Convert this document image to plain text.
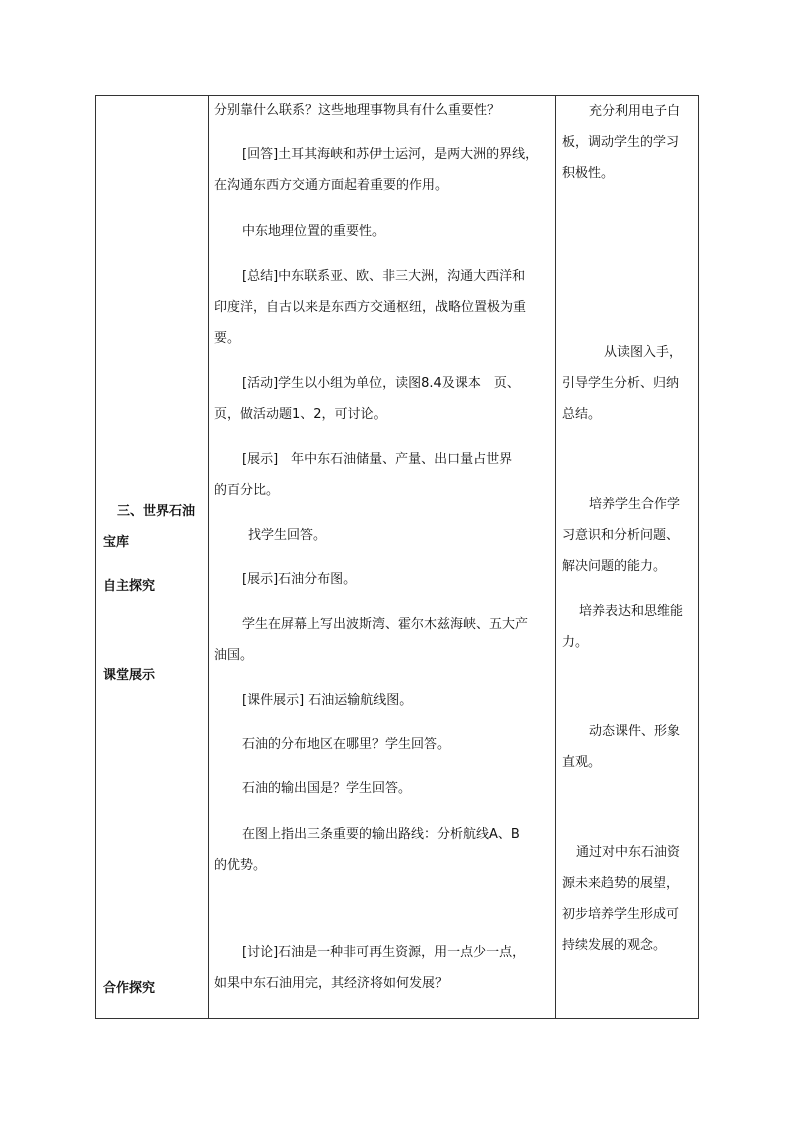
三、世界石油
宝库
自主探究
课堂展示
合作探究
分别靠什么联系？这些地理事物具有什么重要性？
[回答]土耳其海峡和苏伊士运河，是两大洲的界线，
在沟通东西方交通方面起着重要的作用。
中东地理位置的重要性。
[总结]中东联系亚、欧、非三大洲，沟通大西洋和
印度洋，自古以来是东西方交通枢纽，战略位置极为重
要。
[活动]学生以小组为单位，读图8.4及课本　页、
页，做活动题1、2，可讨论。
[展示]　年中东石油储量、产量、出口量占世界
的百分比。
找学生回答。
[展示]石油分布图。
学生在屏幕上写出波斯湾、霍尔木兹海峡、五大产
油国。
[课件展示] 石油运输航线图。
石油的分布地区在哪里？学生回答。
石油的输出国是？学生回答。
在图上指出三条重要的输出路线：分析航线A、B
的优势。
[讨论]石油是一种非可再生资源，用一点少一点，
如果中东石油用完，其经济将如何发展？
充分利用电子白
板，调动学生的学习
积极性。
从读图入手，
引导学生分析、归纳
总结。
培养学生合作学
习意识和分析问题、
解决问题的能力。
培养表达和思维能
力。
动态课件、形象
直观。
通过对中东石油资
源未来趋势的展望，
初步培养学生形成可
持续发展的观念。
